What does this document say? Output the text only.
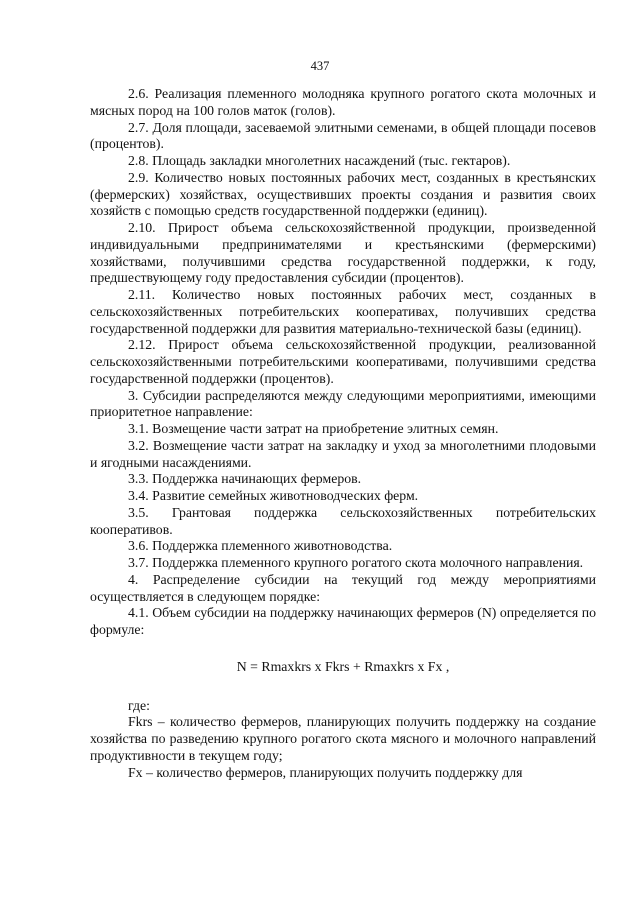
437

2.6. Реализация племенного молодняка крупного рогатого скота молочных и мясных пород на 100 голов маток (голов).

2.7. Доля площади, засеваемой элитными семенами, в общей площади посевов (процентов).

2.8. Площадь закладки многолетних насаждений (тыс. гектаров).

2.9. Количество новых постоянных рабочих мест, созданных в крестьянских (фермерских) хозяйствах, осуществивших проекты создания и развития своих хозяйств с помощью средств государственной поддержки (единиц).

2.10. Прирост объема сельскохозяйственной продукции, произведенной индивидуальными предпринимателями и крестьянскими (фермерскими) хозяйствами, получившими средства государственной поддержки, к году, предшествующему году предоставления субсидии (процентов).

2.11. Количество новых постоянных рабочих мест, созданных в сельскохозяйственных потребительских кооперативах, получивших средства государственной поддержки для развития материально-технической базы (единиц).

2.12. Прирост объема сельскохозяйственной продукции, реализованной сельскохозяйственными потребительскими кооперативами, получившими средства государственной поддержки (процентов).

3. Субсидии распределяются между следующими мероприятиями, имеющими приоритетное направление:

3.1. Возмещение части затрат на приобретение элитных семян.

3.2. Возмещение части затрат на закладку и уход за многолетними плодовыми и ягодными насаждениями.

3.3. Поддержка начинающих фермеров.

3.4. Развитие семейных животноводческих ферм.

3.5. Грантовая поддержка сельскохозяйственных потребительских кооперативов.

3.6. Поддержка племенного животноводства.

3.7. Поддержка племенного крупного рогатого скота молочного направления.

4. Распределение субсидии на текущий год между мероприятиями осуществляется в следующем порядке:

4.1. Объем субсидии на поддержку начинающих фермеров (N) определяется по формуле:

N = Rmaxkrs x Fkrs + Rmaxkrs x Fx ,

где:

Fkrs – количество фермеров, планирующих получить поддержку на создание хозяйства по разведению крупного рогатого скота мясного и молочного направлений продуктивности в текущем году;

Fx – количество фермеров, планирующих получить поддержку для
